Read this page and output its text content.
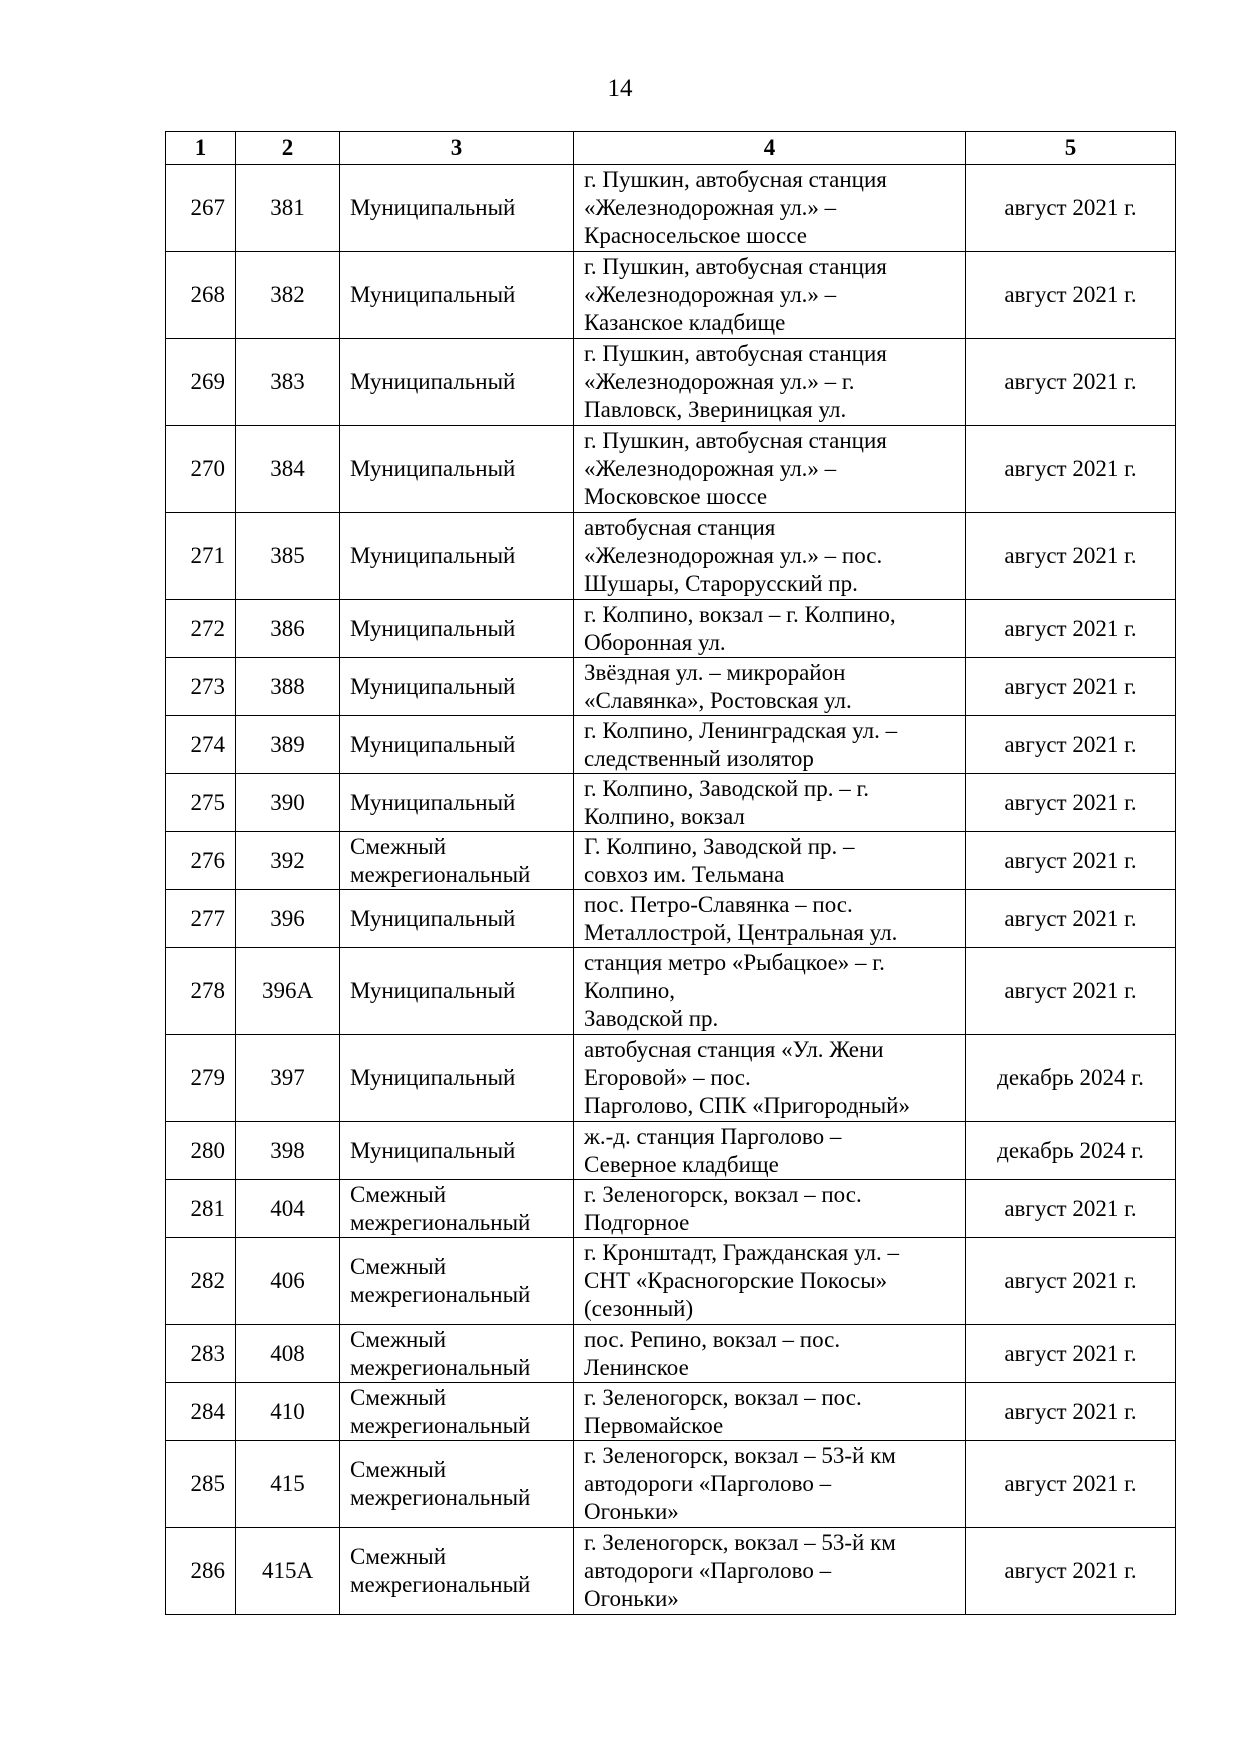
14
1	2	3	4	5
267	381	Муниципальный	г. Пушкин, автобусная станция
«Железнодорожная ул.» –
Красносельское шоссе	август 2021 г.
268	382	Муниципальный	г. Пушкин, автобусная станция
«Железнодорожная ул.» –
Казанское кладбище	август 2021 г.
269	383	Муниципальный	г. Пушкин, автобусная станция
«Железнодорожная ул.» – г.
Павловск, Звериницкая ул.	август 2021 г.
270	384	Муниципальный	г. Пушкин, автобусная станция
«Железнодорожная ул.» –
Московское шоссе	август 2021 г.
271	385	Муниципальный	автобусная станция
«Железнодорожная ул.» – пос.
Шушары, Старорусский пр.	август 2021 г.
272	386	Муниципальный	г. Колпино, вокзал – г. Колпино,
Оборонная ул.	август 2021 г.
273	388	Муниципальный	Звёздная ул. – микрорайон
«Славянка», Ростовская ул.	август 2021 г.
274	389	Муниципальный	г. Колпино, Ленинградская ул. –
следственный изолятор	август 2021 г.
275	390	Муниципальный	г. Колпино, Заводской пр. – г.
Колпино, вокзал	август 2021 г.
276	392	Смежный межрегиональный	Г. Колпино, Заводской пр. –
совхоз им. Тельмана	август 2021 г.
277	396	Муниципальный	пос. Петро-Славянка – пос.
Металлострой, Центральная ул.	август 2021 г.
278	396А	Муниципальный	станция метро «Рыбацкое» – г.
Колпино,
Заводской пр.	август 2021 г.
279	397	Муниципальный	автобусная станция «Ул. Жени
Егоровой» – пос.
Парголово, СПК «Пригородный»	декабрь 2024 г.
280	398	Муниципальный	ж.-д. станция Парголово –
Северное кладбище	декабрь 2024 г.
281	404	Смежный межрегиональный	г. Зеленогорск, вокзал – пос.
Подгорное	август 2021 г.
282	406	Смежный межрегиональный	г. Кронштадт, Гражданская ул. –
СНТ «Красногорские Покосы»
(сезонный)	август 2021 г.
283	408	Смежный межрегиональный	пос. Репино, вокзал – пос.
Ленинское	август 2021 г.
284	410	Смежный межрегиональный	г. Зеленогорск, вокзал – пос.
Первомайское	август 2021 г.
285	415	Смежный межрегиональный	г. Зеленогорск, вокзал – 53-й км
автодороги «Парголово –
Огоньки»	август 2021 г.
286	415А	Смежный межрегиональный	г. Зеленогорск, вокзал – 53-й км
автодороги «Парголово –
Огоньки»	август 2021 г.
